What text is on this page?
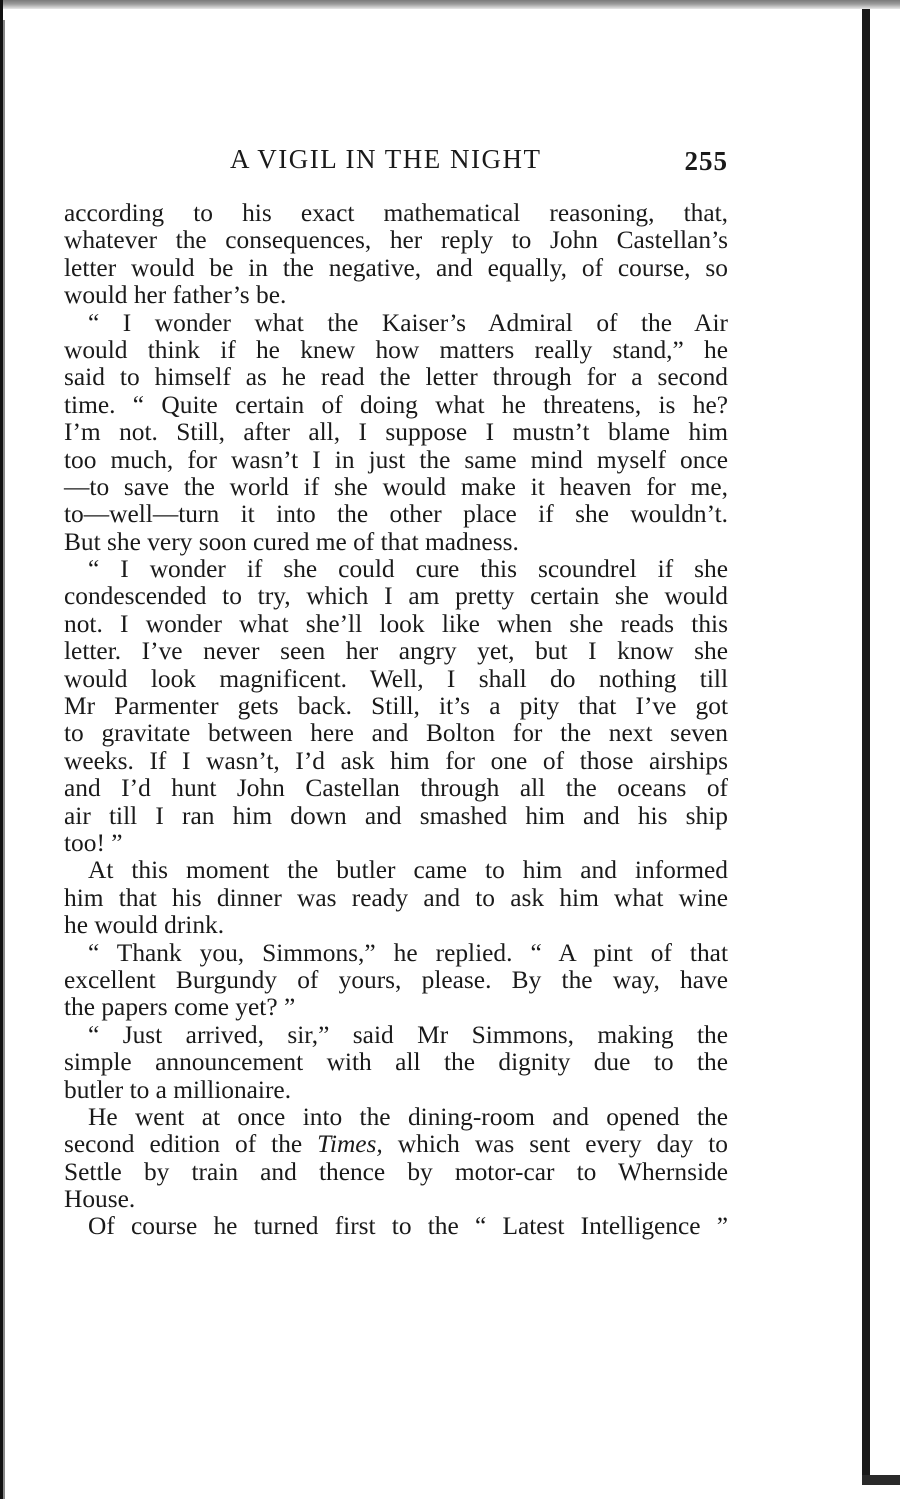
A VIGIL IN THE NIGHT	255
according to his exact mathematical reasoning, that,
whatever the consequences, her reply to John Castellan’s
letter would be in the negative, and equally, of course, so
would her father’s be.
“ I wonder what the Kaiser’s Admiral of the Air
would think if he knew how matters really stand,” he
said to himself as he read the letter through for a second
time. “ Quite certain of doing what he threatens, is he?
I’m not. Still, after all, I suppose I mustn’t blame him
too much, for wasn’t I in just the same mind myself once
—to save the world if she would make it heaven for me,
to—well—turn it into the other place if she wouldn’t.
But she very soon cured me of that madness.
“ I wonder if she could cure this scoundrel if she
condescended to try, which I am pretty certain she would
not. I wonder what she’ll look like when she reads this
letter. I’ve never seen her angry yet, but I know she
would look magnificent. Well, I shall do nothing till
Mr Parmenter gets back. Still, it’s a pity that I’ve got
to gravitate between here and Bolton for the next seven
weeks. If I wasn’t, I’d ask him for one of those airships
and I’d hunt John Castellan through all the oceans of
air till I ran him down and smashed him and his ship
too! ”
At this moment the butler came to him and informed
him that his dinner was ready and to ask him what wine
he would drink.
“ Thank you, Simmons,” he replied. “ A pint of that
excellent Burgundy of yours, please. By the way, have
the papers come yet? ”
“ Just arrived, sir,” said Mr Simmons, making the
simple announcement with all the dignity due to the
butler to a millionaire.
He went at once into the dining-room and opened the
second edition of the Times, which was sent every day to
Settle by train and thence by motor-car to Whernside
House.
Of course he turned first to the “ Latest Intelligence ”
